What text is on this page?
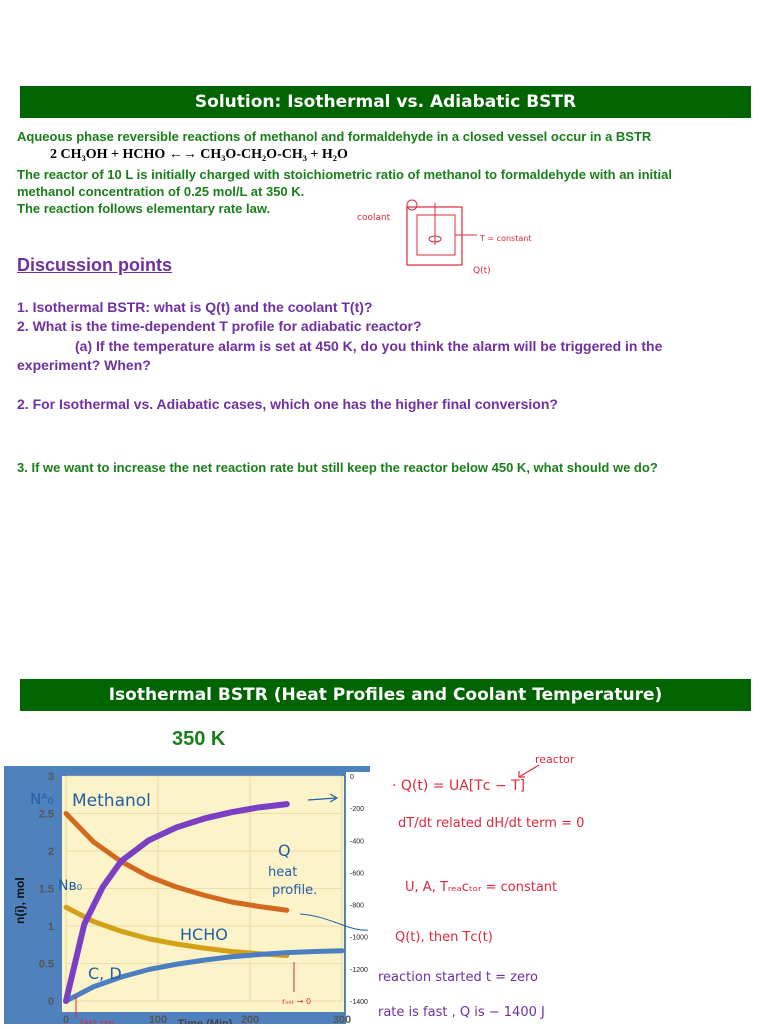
Solution: Isothermal vs. Adiabatic BSTR
Aqueous phase reversible reactions of methanol and formaldehyde in a closed vessel occur in a BSTR
2 CH₃OH + HCHO ←→ CH₃O-CH₂O-CH₃ + H₂O
The reactor of 10 L is initially charged with stoichiometric ratio of methanol to formaldehyde with an initial
methanol concentration of 0.25 mol/L at 350 K.
The reaction follows elementary rate law.
coolant
T = constant
Q(t)
Discussion points
1. Isothermal BSTR: what is Q(t) and the coolant T(t)?
2. What is the time-dependent T profile for adiabatic reactor?
(a) If the temperature alarm is set at 450 K, do you think the alarm will be triggered in the
experiment? When?
2. For Isothermal vs. Adiabatic cases, which one has the higher final conversion?
3. If we want to increase the net reaction rate but still keep the reactor below 450 K, what should we do?
Isothermal BSTR (Heat Profiles and Coolant Temperature)
350 K
0
0.5
1
1.5
2
2.5
3
0	100	200	300
0
-200
-400
-600
-800
-1000
-1200
-1400
n(i), mol
Time (Min)
Nᴬ₀ Methanol
Nʙ₀
HCHO
C, D
Q
heat
profile.
fast rxn
rₙₑₜ → 0
reactor
· Q(t) = UA[Tᴄ − T]
dT/dt related dH/dt term = 0
U, A, Tᵣₑₐᴄₜₒᵣ = constant
Q(t), then Tᴄ(t)
reaction started t = zero
rate is fast , Q is − 1400 J
